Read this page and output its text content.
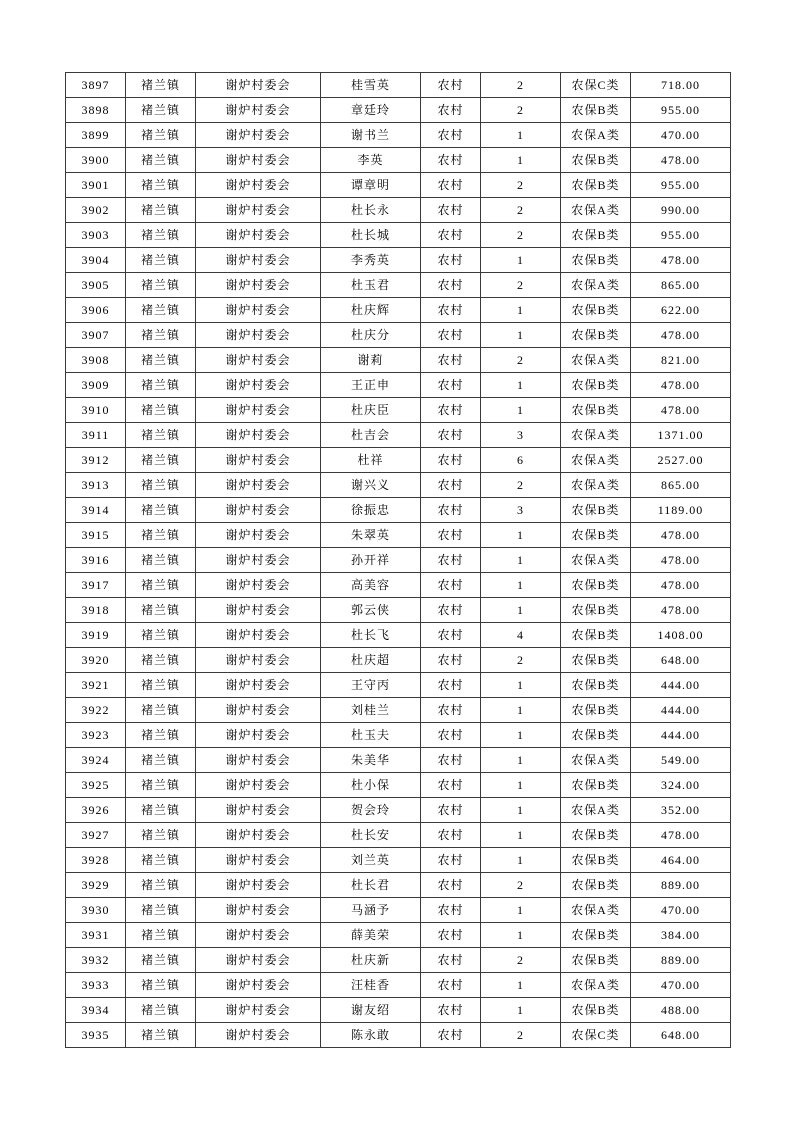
3897	褚兰镇	谢炉村委会	桂雪英	农村	2	农保C类	718.00
3898	褚兰镇	谢炉村委会	章廷玲	农村	2	农保B类	955.00
3899	褚兰镇	谢炉村委会	谢书兰	农村	1	农保A类	470.00
3900	褚兰镇	谢炉村委会	李英	农村	1	农保B类	478.00
3901	褚兰镇	谢炉村委会	谭章明	农村	2	农保B类	955.00
3902	褚兰镇	谢炉村委会	杜长永	农村	2	农保A类	990.00
3903	褚兰镇	谢炉村委会	杜长城	农村	2	农保B类	955.00
3904	褚兰镇	谢炉村委会	李秀英	农村	1	农保B类	478.00
3905	褚兰镇	谢炉村委会	杜玉君	农村	2	农保A类	865.00
3906	褚兰镇	谢炉村委会	杜庆辉	农村	1	农保B类	622.00
3907	褚兰镇	谢炉村委会	杜庆分	农村	1	农保B类	478.00
3908	褚兰镇	谢炉村委会	谢莉	农村	2	农保A类	821.00
3909	褚兰镇	谢炉村委会	王正申	农村	1	农保B类	478.00
3910	褚兰镇	谢炉村委会	杜庆臣	农村	1	农保B类	478.00
3911	褚兰镇	谢炉村委会	杜吉会	农村	3	农保A类	1371.00
3912	褚兰镇	谢炉村委会	杜祥	农村	6	农保A类	2527.00
3913	褚兰镇	谢炉村委会	谢兴义	农村	2	农保A类	865.00
3914	褚兰镇	谢炉村委会	徐振忠	农村	3	农保B类	1189.00
3915	褚兰镇	谢炉村委会	朱翠英	农村	1	农保B类	478.00
3916	褚兰镇	谢炉村委会	孙开祥	农村	1	农保A类	478.00
3917	褚兰镇	谢炉村委会	高美容	农村	1	农保B类	478.00
3918	褚兰镇	谢炉村委会	郭云侠	农村	1	农保B类	478.00
3919	褚兰镇	谢炉村委会	杜长飞	农村	4	农保B类	1408.00
3920	褚兰镇	谢炉村委会	杜庆超	农村	2	农保B类	648.00
3921	褚兰镇	谢炉村委会	王守丙	农村	1	农保B类	444.00
3922	褚兰镇	谢炉村委会	刘桂兰	农村	1	农保B类	444.00
3923	褚兰镇	谢炉村委会	杜玉夫	农村	1	农保B类	444.00
3924	褚兰镇	谢炉村委会	朱美华	农村	1	农保A类	549.00
3925	褚兰镇	谢炉村委会	杜小保	农村	1	农保B类	324.00
3926	褚兰镇	谢炉村委会	贺会玲	农村	1	农保A类	352.00
3927	褚兰镇	谢炉村委会	杜长安	农村	1	农保B类	478.00
3928	褚兰镇	谢炉村委会	刘兰英	农村	1	农保B类	464.00
3929	褚兰镇	谢炉村委会	杜长君	农村	2	农保B类	889.00
3930	褚兰镇	谢炉村委会	马涵予	农村	1	农保A类	470.00
3931	褚兰镇	谢炉村委会	薛美荣	农村	1	农保B类	384.00
3932	褚兰镇	谢炉村委会	杜庆新	农村	2	农保B类	889.00
3933	褚兰镇	谢炉村委会	汪桂香	农村	1	农保A类	470.00
3934	褚兰镇	谢炉村委会	谢友绍	农村	1	农保B类	488.00
3935	褚兰镇	谢炉村委会	陈永敢	农村	2	农保C类	648.00
